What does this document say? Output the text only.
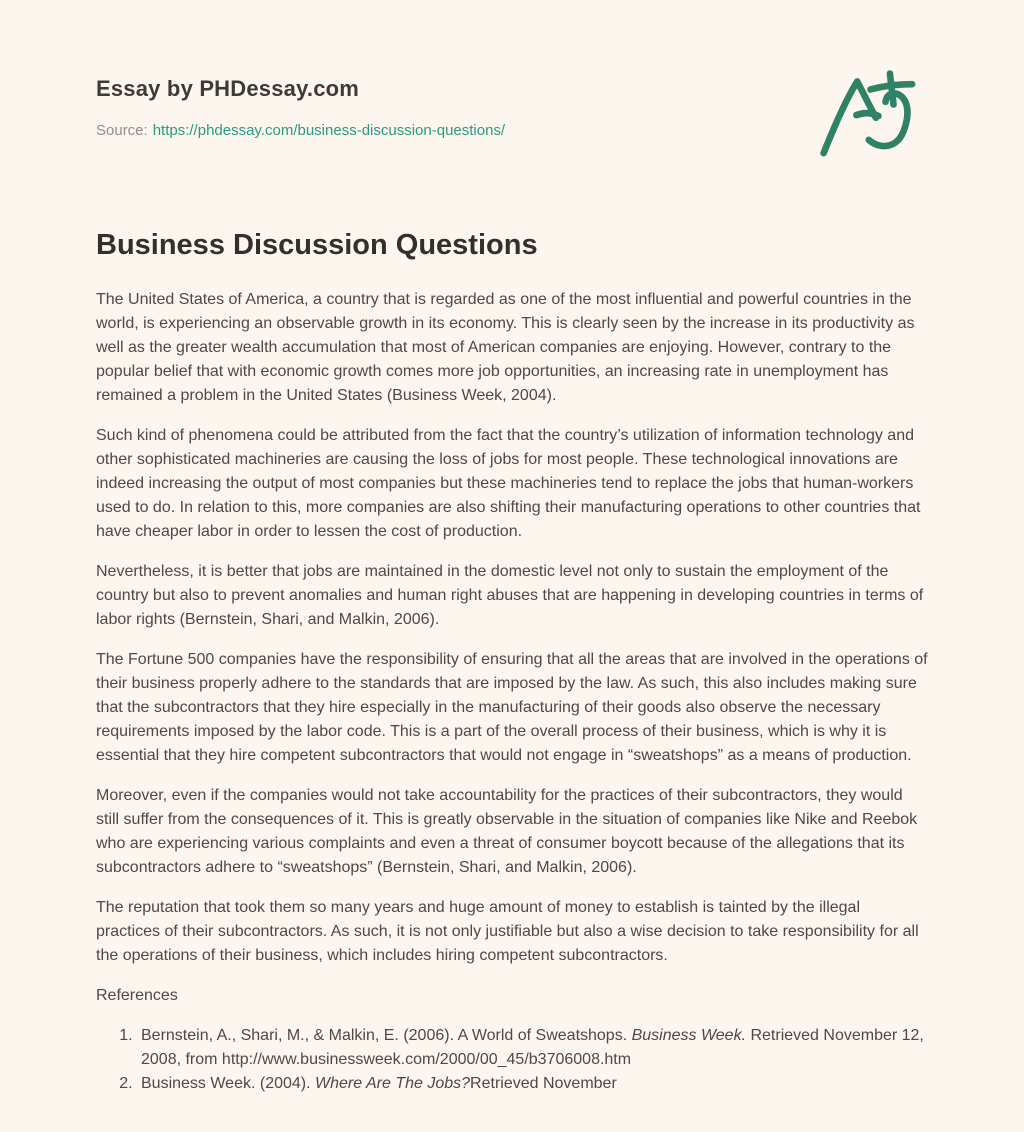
Essay by PHDessay.com
Source: https://phdessay.com/business-discussion-questions/
Business Discussion Questions

The United States of America, a country that is regarded as one of the most influential and powerful countries in the world, is experiencing an observable growth in its economy. This is clearly seen by the increase in its productivity as well as the greater wealth accumulation that most of American companies are enjoying. However, contrary to the popular belief that with economic growth comes more job opportunities, an increasing rate in unemployment has remained a problem in the United States (Business Week, 2004).

Such kind of phenomena could be attributed from the fact that the country’s utilization of information technology and other sophisticated machineries are causing the loss of jobs for most people. These technological innovations are indeed increasing the output of most companies but these machineries tend to replace the jobs that human-workers used to do. In relation to this, more companies are also shifting their manufacturing operations to other countries that have cheaper labor in order to lessen the cost of production.

Nevertheless, it is better that jobs are maintained in the domestic level not only to sustain the employment of the country but also to prevent anomalies and human right abuses that are happening in developing countries in terms of labor rights (Bernstein, Shari, and Malkin, 2006).

The Fortune 500 companies have the responsibility of ensuring that all the areas that are involved in the operations of their business properly adhere to the standards that are imposed by the law. As such, this also includes making sure that the subcontractors that they hire especially in the manufacturing of their goods also observe the necessary requirements imposed by the labor code. This is a part of the overall process of their business, which is why it is essential that they hire competent subcontractors that would not engage in “sweatshops” as a means of production.

Moreover, even if the companies would not take accountability for the practices of their subcontractors, they would still suffer from the consequences of it. This is greatly observable in the situation of companies like Nike and Reebok who are experiencing various complaints and even a threat of consumer boycott because of the allegations that its subcontractors adhere to “sweatshops” (Bernstein, Shari, and Malkin, 2006).

The reputation that took them so many years and huge amount of money to establish is tainted by the illegal practices of their subcontractors. As such, it is not only justifiable but also a wise decision to take responsibility for all the operations of their business, which includes hiring competent subcontractors.

References

1. Bernstein, A., Shari, M., & Malkin, E. (2006). A World of Sweatshops. Business Week. Retrieved November 12, 2008, from http://www.businessweek.com/2000/00_45/b3706008.htm
2. Business Week. (2004). Where Are The Jobs?Retrieved November
